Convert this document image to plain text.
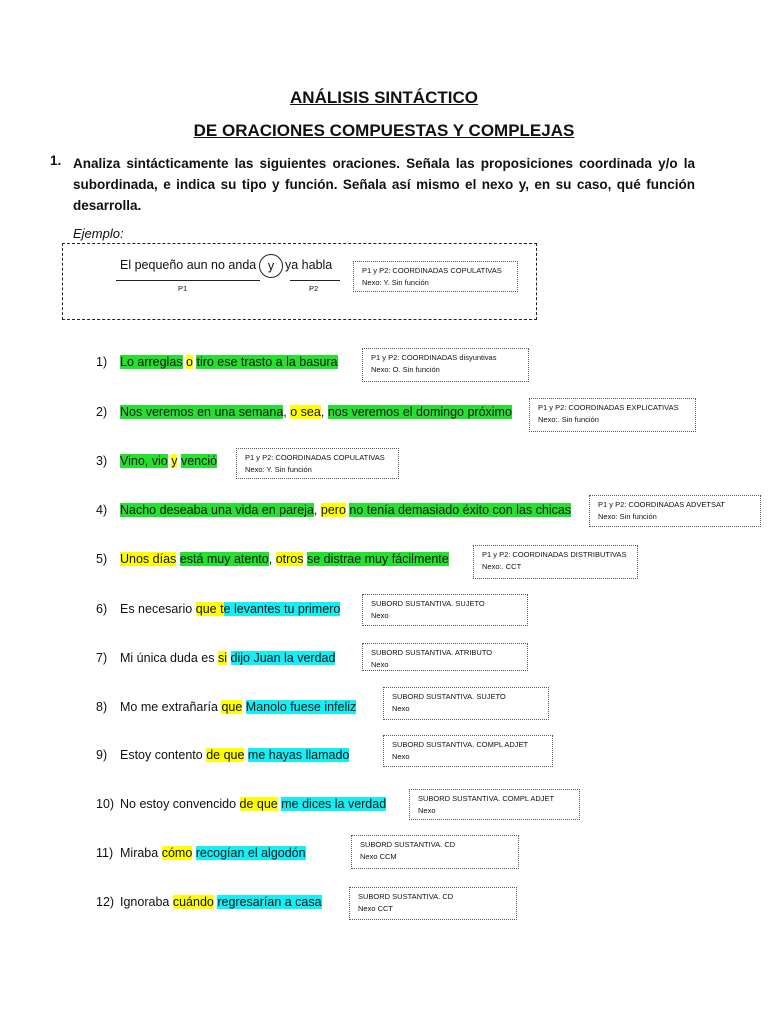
ANÁLISIS SINTÁCTICO
DE ORACIONES COMPUESTAS Y COMPLEJAS
1. Analiza sintácticamente las siguientes oraciones. Señala las proposiciones coordinada y/o la subordinada, e indica su tipo y función. Señala así mismo el nexo y, en su caso, qué función desarrolla.
Ejemplo:
El pequeño aun no anda y ya habla
P1	P2
P1 y P2: COORDINADAS COPULATIVAS
Nexo: Y. Sin función
1) Lo arreglas o tiro ese trasto a la basura	P1 y P2: COORDINADAS disyuntivas
Nexo: O. Sin función
2) Nos veremos en una semana, o sea, nos veremos el domingo próximo	P1 y P2: COORDINADAS EXPLICATIVAS
Nexo:. Sin función
3) Vino, vio y venció	P1 y P2: COORDINADAS COPULATIVAS
Nexo: Y. Sin función
4) Nacho deseaba una vida en pareja, pero no tenía demasiado éxito con las chicas	P1 y P2: COORDINADAS ADVETSAT
Nexo: Sin función
5) Unos días está muy atento, otros se distrae muy fácilmente	P1 y P2: COORDINADAS DISTRIBUTIVAS
Nexo:. CCT
6) Es necesario que te levantes tu primero	SUBORD SUSTANTIVA. SUJETO
Nexo
7) Mi única duda es si dijo Juan la verdad	SUBORD SUSTANTIVA. ATRIBUTO
Nexo
8) Mo me extrañaría que Manolo fuese infeliz
SUBORD SUSTANTIVA. SUJETO
Nexo
9) Estoy contento de que me hayas llamado
SUBORD SUSTANTIVA. COMPL ADJET
Nexo
10) No estoy convencido de que me dices la verdad	SUBORD SUSTANTIVA. COMPL ADJET
Nexo
11) Miraba cómo recogían el algodón
SUBORD SUSTANTIVA. CD
Nexo CCM
12) Ignoraba cuándo regresarían a casa	SUBORD SUSTANTIVA. CD
Nexo CCT
